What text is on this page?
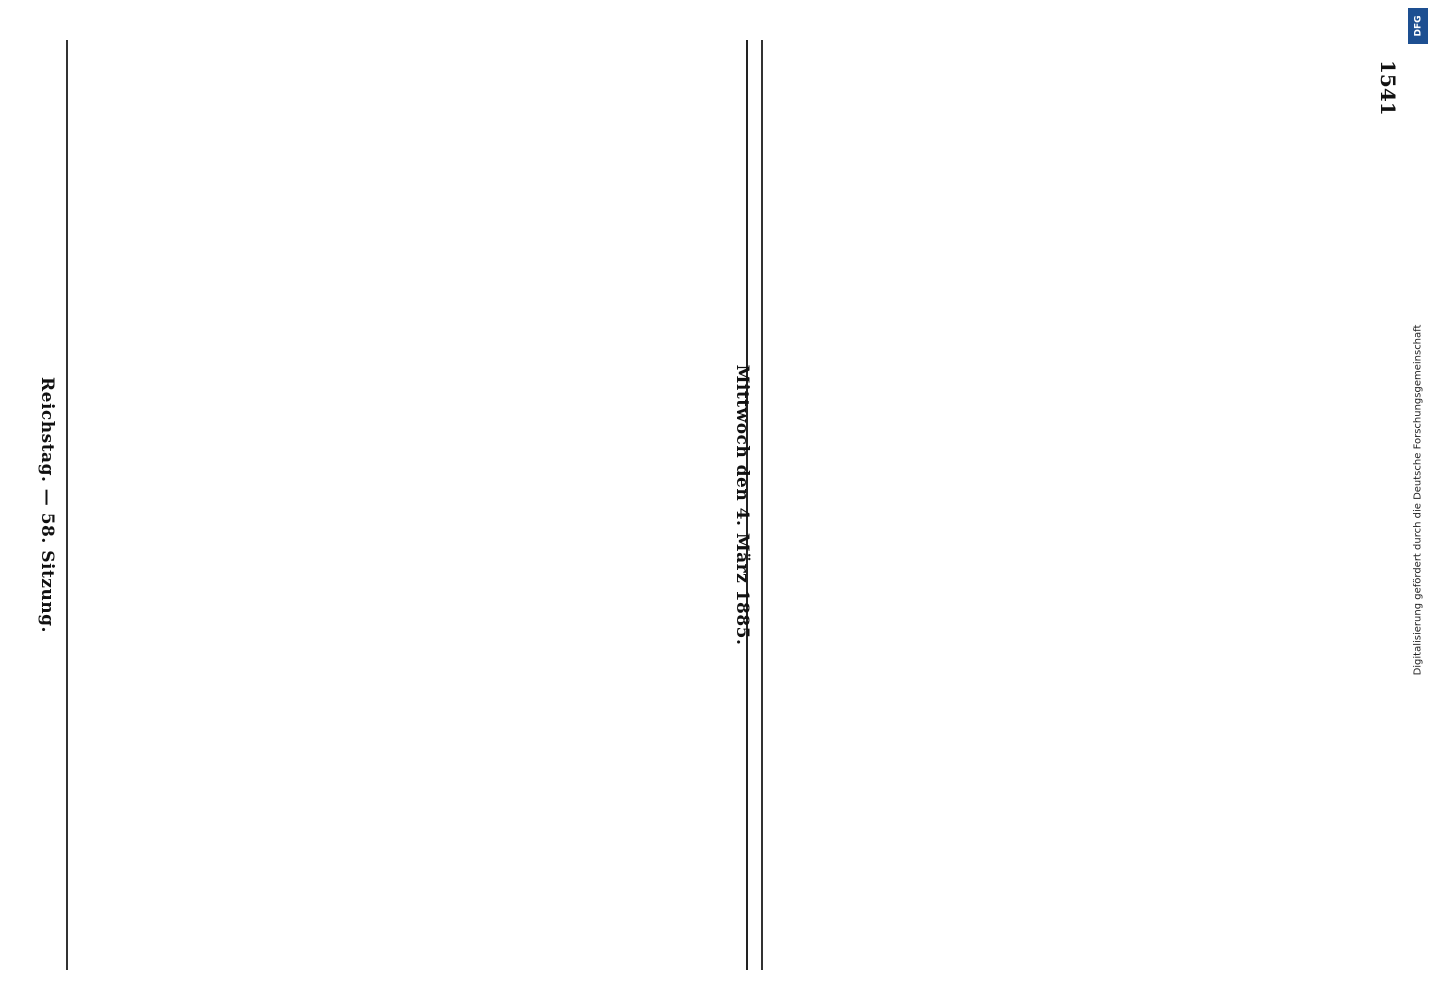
Reichstag. — 58. Sitzung.	Mittwoch den 4. März 1885.
1541
DFG
Digitalisierung gefördert durch die Deutsche Forschungsgemeinschaft
